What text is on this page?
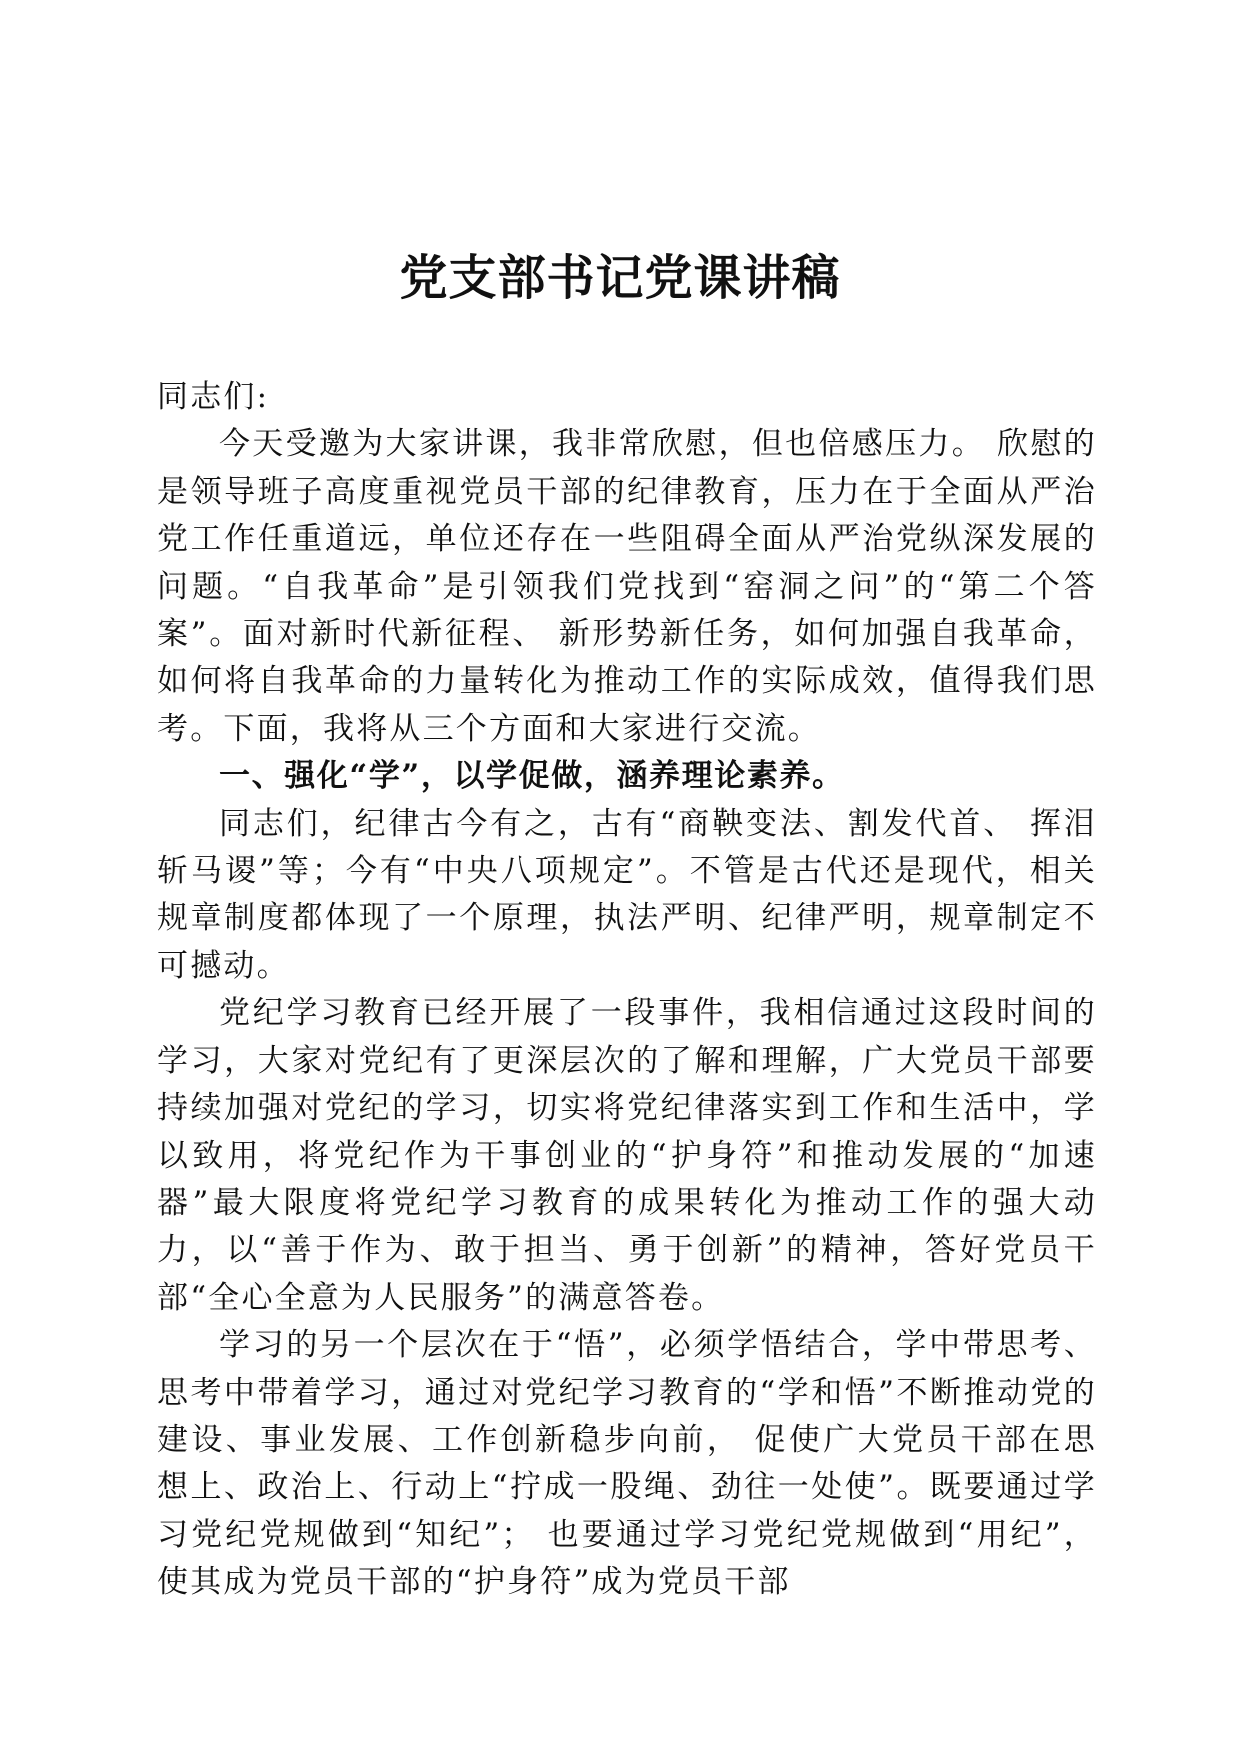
党支部书记党课讲稿

同志们:

今天受邀为大家讲课，我非常欣慰，但也倍感压力。 欣慰的是领导班子高度重视党员干部的纪律教育，压力在于全面从严治党工作任重道远，单位还存在一些阻碍全面从严治党纵深发展的问题。“自我革命”是引领我们党找到“窑洞之问”的“第二个答案”。面对新时代新征程、 新形势新任务，如何加强自我革命，如何将自我革命的力量转化为推动工作的实际成效，值得我们思考。下面，我将从三个方面和大家进行交流。

一、强化“学”，以学促做，涵养理论素养。

同志们，纪律古今有之，古有“商鞅变法、割发代首、 挥泪斩马谡”等；今有“中央八项规定”。不管是古代还是现代，相关规章制度都体现了一个原理，执法严明、纪律严明，规章制定不可撼动。

党纪学习教育已经开展了一段事件，我相信通过这段时间的学习，大家对党纪有了更深层次的了解和理解，广大党员干部要持续加强对党纪的学习，切实将党纪律落实到工作和生活中，学以致用，将党纪作为干事创业的“护身符”和推动发展的“加速器”最大限度将党纪学习教育的成果转化为推动工作的强大动力，以“善于作为、敢于担当、勇于创新”的精神，答好党员干部“全心全意为人民服务”的满意答卷。

学习的另一个层次在于“悟”，必须学悟结合，学中带思考、思考中带着学习，通过对党纪学习教育的“学和悟”不断推动党的建设、事业发展、工作创新稳步向前， 促使广大党员干部在思想上、政治上、行动上“拧成一股绳、劲往一处使”。既要通过学习党纪党规做到“知纪”； 也要通过学习党纪党规做到“用纪”，使其成为党员干部的“护身符”成为党员干部
